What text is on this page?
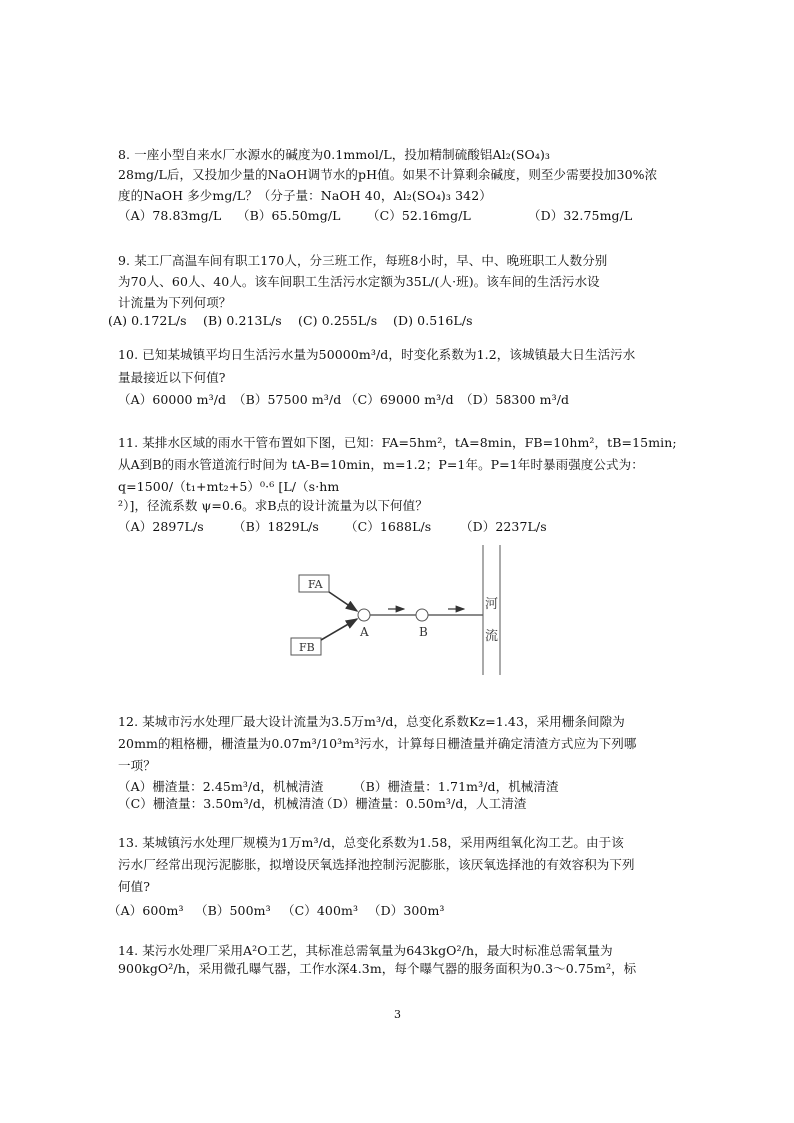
8. 一座小型自来水厂水源水的碱度为0.1mmol/L，投加精制硫酸铝Al₂(SO₄)₃
28mg/L后，又投加少量的NaOH调节水的pH值。如果不计算剩余碱度，则至少需要投加30%浓
度的NaOH 多少mg/L？（分子量：NaOH 40，Al₂(SO₄)₃ 342）
（A）78.83mg/L （B）65.50mg/L （C）52.16mg/L	（D）32.75mg/L
9. 某工厂高温车间有职工170人，分三班工作，每班8小时，早、中、晚班职工人数分别
为70人、60人、40人。该车间职工生活污水定额为35L/(人·班)。该车间的生活污水设
计流量为下列何项？
(A) 0.172L/s (B) 0.213L/s (C) 0.255L/s (D) 0.516L/s
10. 已知某城镇平均日生活污水量为50000m³/d，时变化系数为1.2，该城镇最大日生活污水
量最接近以下何值?
（A）60000 m³/d （B）57500 m³/d （C）69000 m³/d （D）58300 m³/d
11. 某排水区域的雨水干管布置如下图，已知：FA=5hm²，tA=8min，FB=10hm²，tB=15min;
从A到B的雨水管道流行时间为 tA-B=10min，m=1.2；P=1年。P=1年时暴雨强度公式为：
q=1500/（t₁+mt₂+5）⁰·⁶ [L/（s·hm
²）]，径流系数 ψ=0.6。求B点的设计流量为以下何值？
（A）2897L/s （B）1829L/s （C）1688L/s （D）2237L/s
FA
FB
A	B
河
流
12. 某城市污水处理厂最大设计流量为3.5万m³/d，总变化系数Kz=1.43，采用栅条间隙为
20mm的粗格栅，栅渣量为0.07m³/10³m³污水，计算每日栅渣量并确定清渣方式应为下列哪
一项？
（A）栅渣量：2.45m³/d，机械清渣 （B）栅渣量：1.71m³/d，机械清渣
（C）栅渣量：3.50m³/d，机械清渣
（D）栅渣量：0.50m³/d，人工清渣
13. 某城镇污水处理厂规模为1万m³/d，总变化系数为1.58，采用两组氧化沟工艺。由于该
污水厂经常出现污泥膨胀，拟增设厌氧选择池控制污泥膨胀，该厌氧选择池的有效容积为下列
何值?
（A）600m³ （B）500m³ （C）400m³ （D）300m³
14. 某污水处理厂采用A²O工艺，其标准总需氧量为643kgO²/h，最大时标准总需氧量为
900kgO²/h，采用微孔曝气器，工作水深4.3m，每个曝气器的服务面积为0.3～0.75m²，标
3
